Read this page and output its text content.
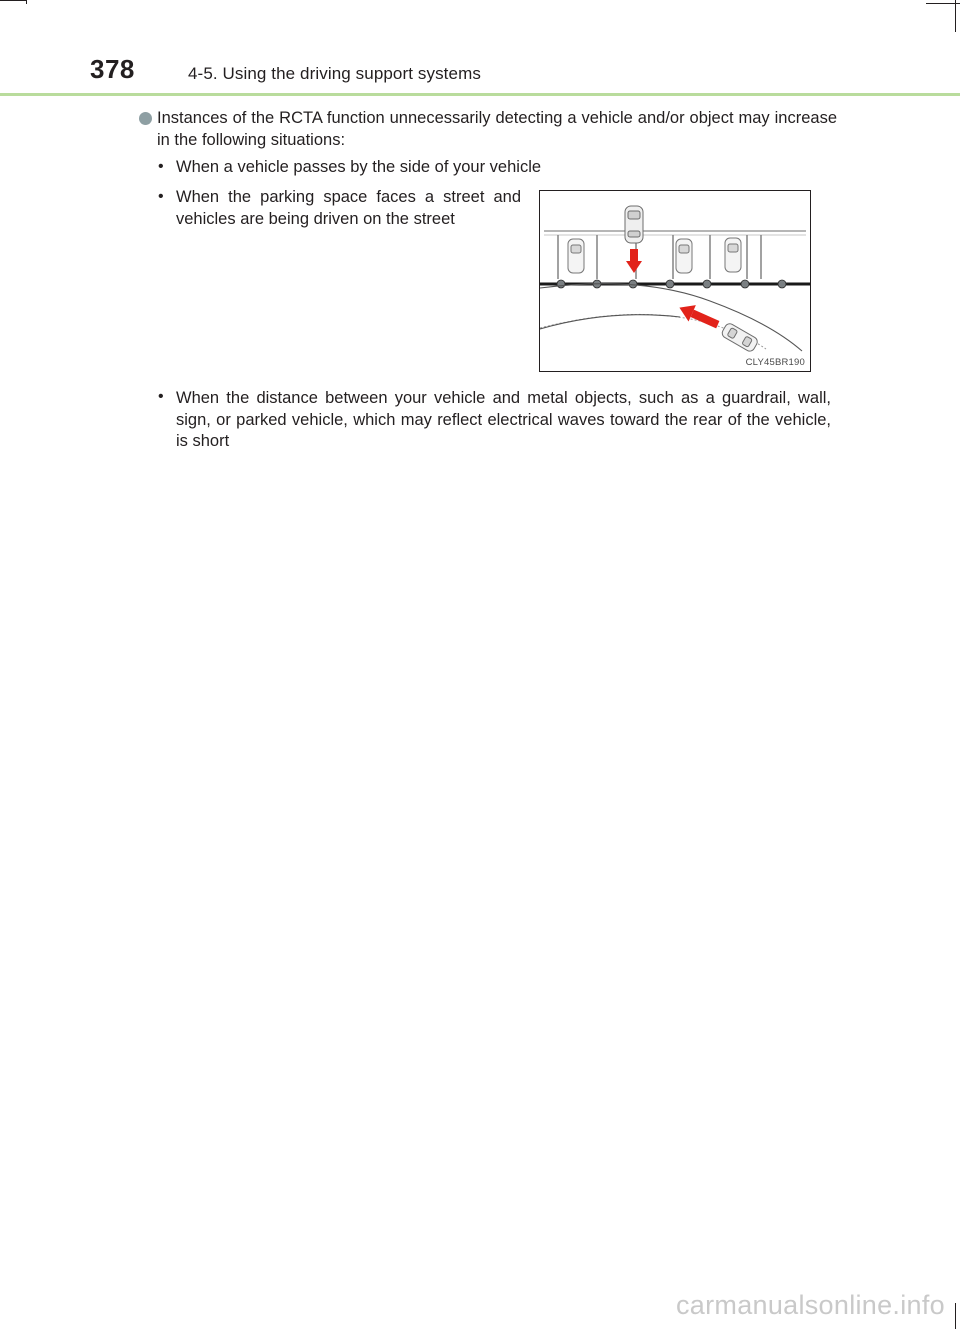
378	4-5. Using the driving support systems
Instances of the RCTA function unnecessarily detecting a vehicle and/or object may increase in the following situations:
• When a vehicle passes by the side of your vehicle
• When the parking space faces a street and vehicles are being driven on the street
CLY45BR190
• When the distance between your vehicle and metal objects, such as a guardrail, wall, sign, or parked vehicle, which may reflect electrical waves toward the rear of the vehicle, is short
carmanualsonline.info
